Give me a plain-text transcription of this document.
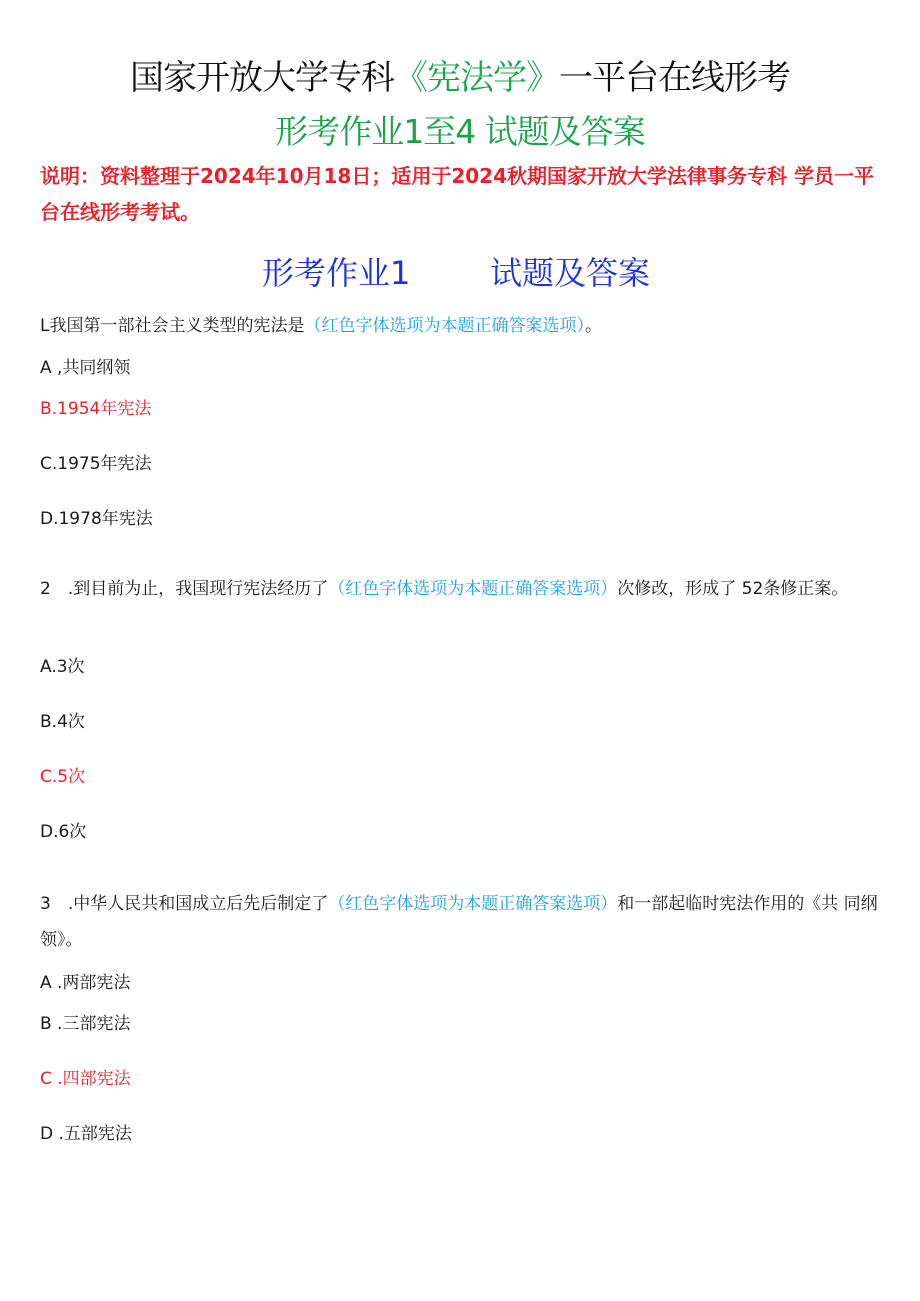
国家开放大学专科《宪法学》一平台在线形考
形考作业1至4 试题及答案
说明：资料整理于2024年10月18日；适用于2024秋期国家开放大学法律事务专科 学员一平台在线形考考试。
形考作业1 试题及答案
L我国第一部社会主义类型的宪法是（红色字体选项为本题正确答案选项）。
A ,共同纲领
B.1954年宪法
C.1975年宪法
D.1978年宪法
2　.到目前为止，我国现行宪法经历了（红色字体选项为本题正确答案选项）次修改，形成了 52条修正案。
A.3次
B.4次
C.5次
D.6次
3　.中华人民共和国成立后先后制定了（红色字体选项为本题正确答案选项）和一部起临时宪法作用的《共 同纲领》。
A .两部宪法
B .三部宪法
C .四部宪法
D .五部宪法
